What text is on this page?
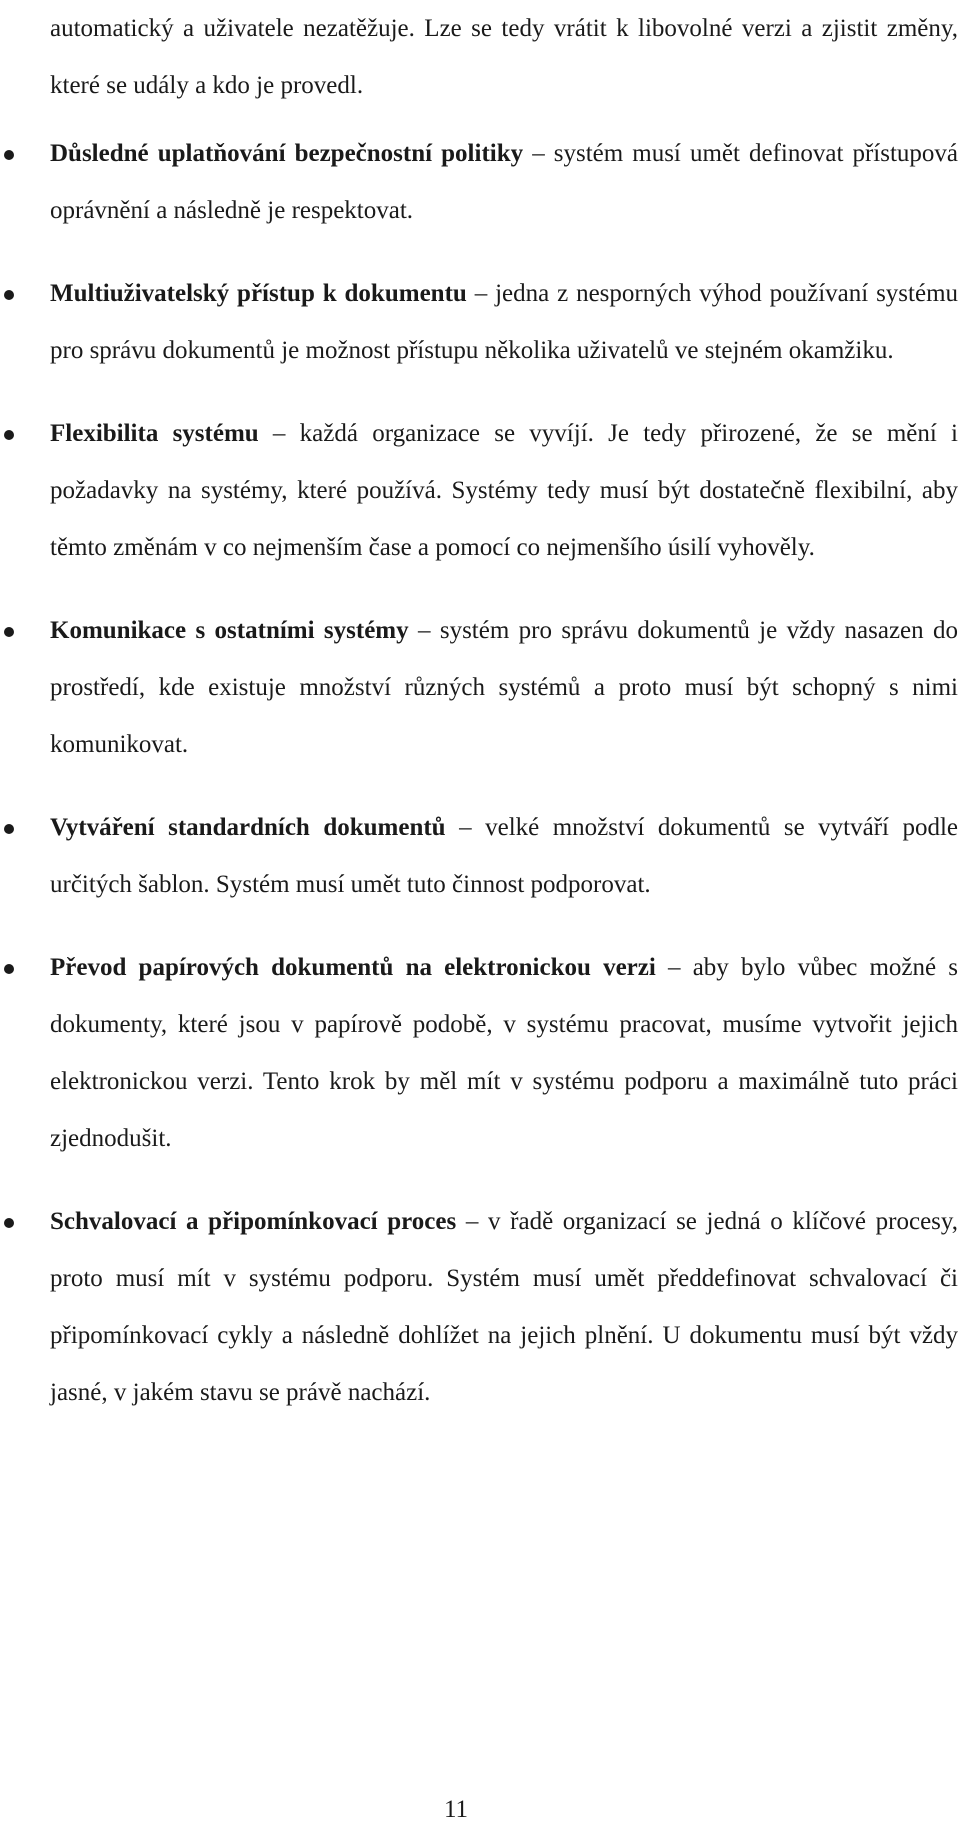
automatický a uživatele nezatěžuje. Lze se tedy vrátit k libovolné verzi a zjistit změny, které se udály a kdo je provedl.

Důsledné uplatňování bezpečnostní politiky – systém musí umět definovat přístupová oprávnění a následně je respektovat.
Multiuživatelský přístup k dokumentu – jedna z nesporných výhod používaní systému pro správu dokumentů je možnost přístupu několika uživatelů ve stejném okamžiku.
Flexibilita systému – každá organizace se vyvíjí. Je tedy přirozené, že se mění i požadavky na systémy, které používá. Systémy tedy musí být dostatečně flexibilní, aby těmto změnám v co nejmenším čase a pomocí co nejmenšího úsilí vyhověly.
Komunikace s ostatními systémy – systém pro správu dokumentů je vždy nasazen do prostředí, kde existuje množství různých systémů a proto musí být schopný s nimi komunikovat.
Vytváření standardních dokumentů – velké množství dokumentů se vytváří podle určitých šablon. Systém musí umět tuto činnost podporovat.
Převod papírových dokumentů na elektronickou verzi – aby bylo vůbec možné s dokumenty, které jsou v papírově podobě, v systému pracovat, musíme vytvořit jejich elektronickou verzi. Tento krok by měl mít v systému podporu a maximálně tuto práci zjednodušit.
Schvalovací a připomínkovací proces – v řadě organizací se jedná o klíčové procesy, proto musí mít v systému podporu. Systém musí umět předdefinovat schvalovací či připomínkovací cykly a následně dohlížet na jejich plnění. U dokumentu musí být vždy jasné, v jakém stavu se právě nachází.
11
